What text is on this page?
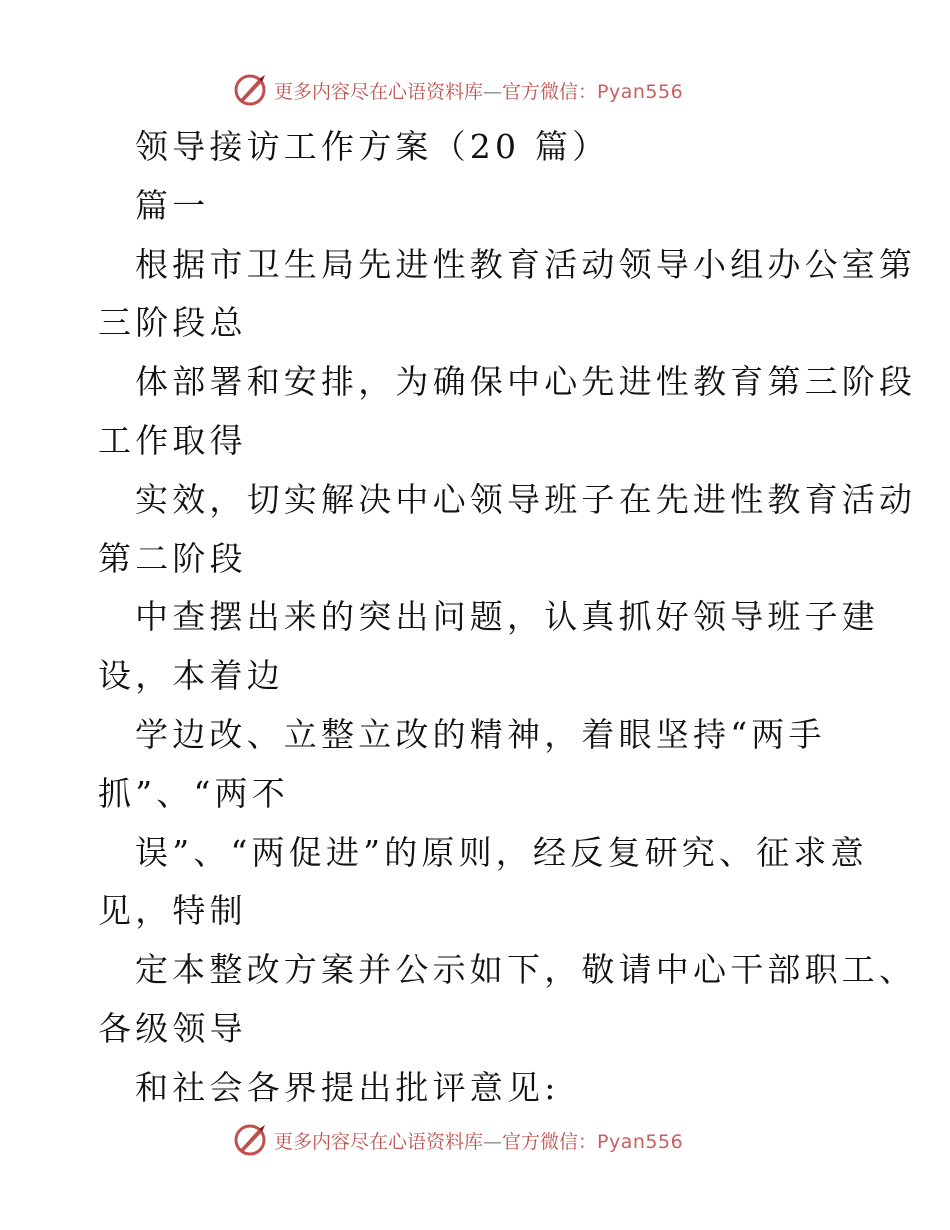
更多内容尽在心语资料库—官方微信：Pyan556
领导接访工作方案（20 篇）
篇一
根据市卫生局先进性教育活动领导小组办公室第
三阶段总
体部署和安排，为确保中心先进性教育第三阶段
工作取得
实效，切实解决中心领导班子在先进性教育活动
第二阶段
中查摆出来的突出问题，认真抓好领导班子建
设，本着边
学边改、立整立改的精神，着眼坚持“两手
抓”、“两不
误”、“两促进”的原则，经反复研究、征求意
见，特制
定本整改方案并公示如下，敬请中心干部职工、
各级领导
和社会各界提出批评意见:
更多内容尽在心语资料库—官方微信：Pyan556
